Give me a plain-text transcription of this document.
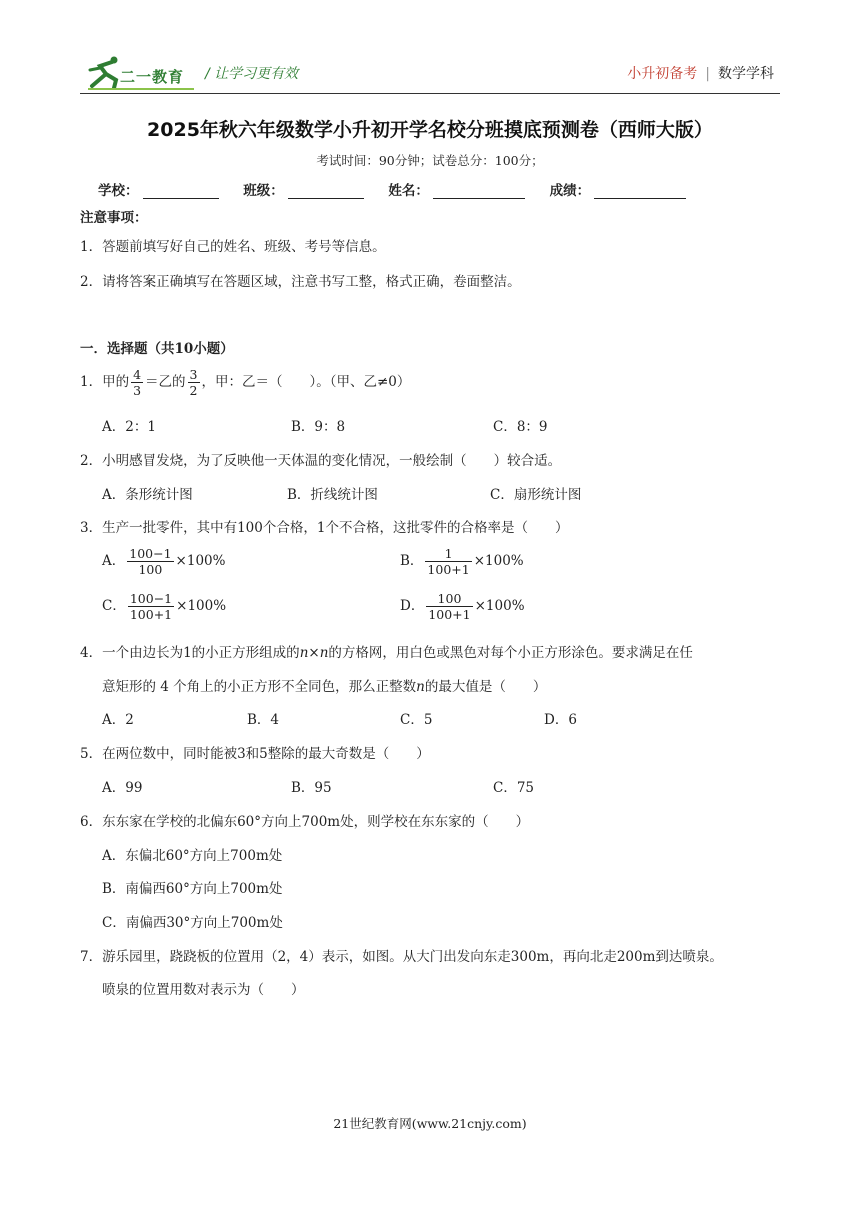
二一教育 / 让学习更有效	小升初备考 | 数学学科
2025年秋六年级数学小升初开学名校分班摸底预测卷（西师大版）
考试时间：90分钟；试卷总分：100分；
学校：	班级：	姓名：	成绩：
注意事项：
1．答题前填写好自己的姓名、班级、考号等信息。
2．请将答案正确填写在答题区域，注意书写工整，格式正确，卷面整洁。
一．选择题（共10小题）
1．甲的 $\frac{4}{3}$ ＝乙的 $\frac{3}{2}$ ，甲：乙＝（　　）。（甲、乙≠0）
A．2：1	B．9：8	C．8：9
2．小明感冒发烧，为了反映他一天体温的变化情况，一般绘制（　　）较合适。
A．条形统计图	B．折线统计图	C．扇形统计图
3．生产一批零件，其中有100个合格，1个不合格，这批零件的合格率是（　　）
A． $\frac{100-1}{100} \times 100\%$	B． $\frac{1}{100+1} \times 100\%$
C． $\frac{100-1}{100+1} \times 100\%$	D． $\frac{100}{100+1} \times 100\%$
4．一个由边长为1的小正方形组成的n×n的方格网，用白色或黑色对每个小正方形涂色。要求满足在任
意矩形的 4 个角上的小正方形不全同色，那么正整数n的最大值是（　　）
A．2	B．4	C．5	D．6
5．在两位数中，同时能被3和5整除的最大奇数是（　　）
A．99	B．95	C．75
6．东东家在学校的北偏东60°方向上700m处，则学校在东东家的（　　）
A．东偏北60°方向上700m处
B．南偏西60°方向上700m处
C．南偏西30°方向上700m处
7．游乐园里，跷跷板的位置用（2，4）表示，如图。从大门出发向东走300m，再向北走200m到达喷泉。
喷泉的位置用数对表示为（　　）
21世纪教育网(www.21cnjy.com)
